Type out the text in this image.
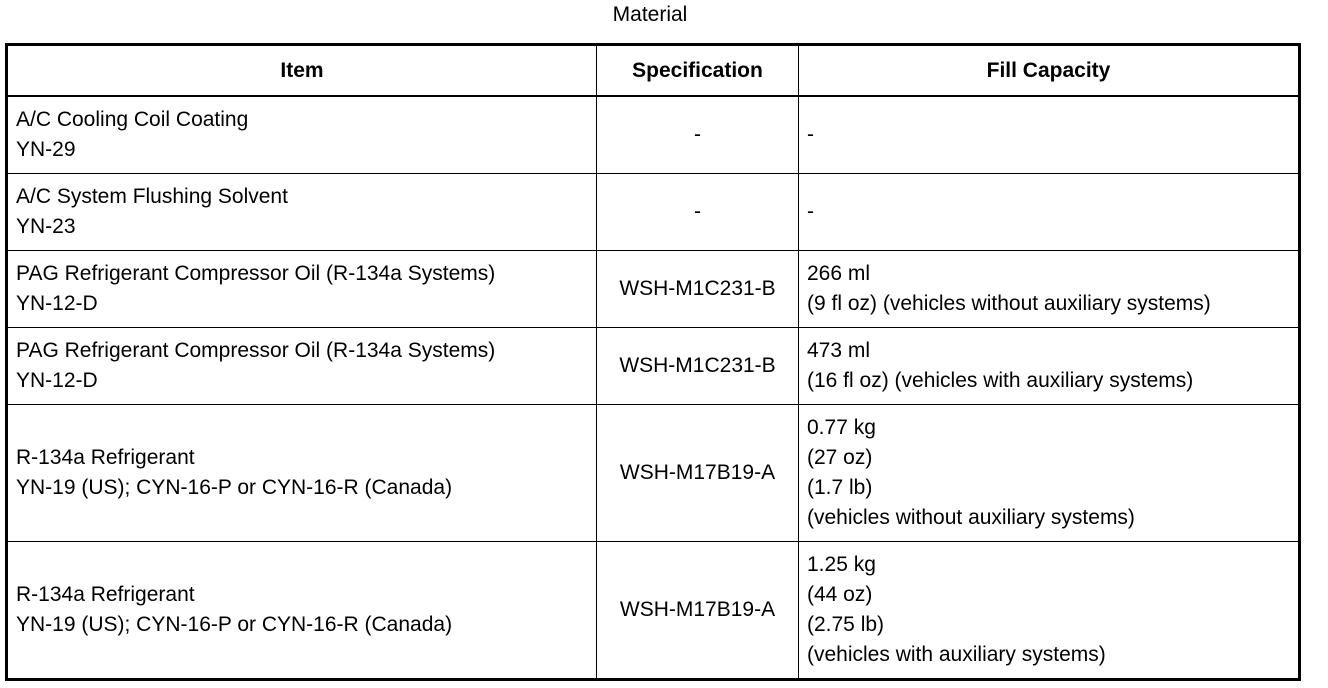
Material
Item	Specification	Fill Capacity

A/C Cooling Coil Coating
YN-29	-	-

A/C System Flushing Solvent
YN-23	-	-

PAG Refrigerant Compressor Oil (R-134a Systems)
YN-12-D	WSH-M1C231-B	266 ml
(9 fl oz) (vehicles without auxiliary systems)

PAG Refrigerant Compressor Oil (R-134a Systems)
YN-12-D	WSH-M1C231-B	473 ml
(16 fl oz) (vehicles with auxiliary systems)

R-134a Refrigerant
YN-19 (US); CYN-16-P or CYN-16-R (Canada)	WSH-M17B19-A	0.77 kg
(27 oz)
(1.7 lb)
(vehicles without auxiliary systems)

R-134a Refrigerant
YN-19 (US); CYN-16-P or CYN-16-R (Canada)	WSH-M17B19-A	1.25 kg
(44 oz)
(2.75 lb)
(vehicles with auxiliary systems)
